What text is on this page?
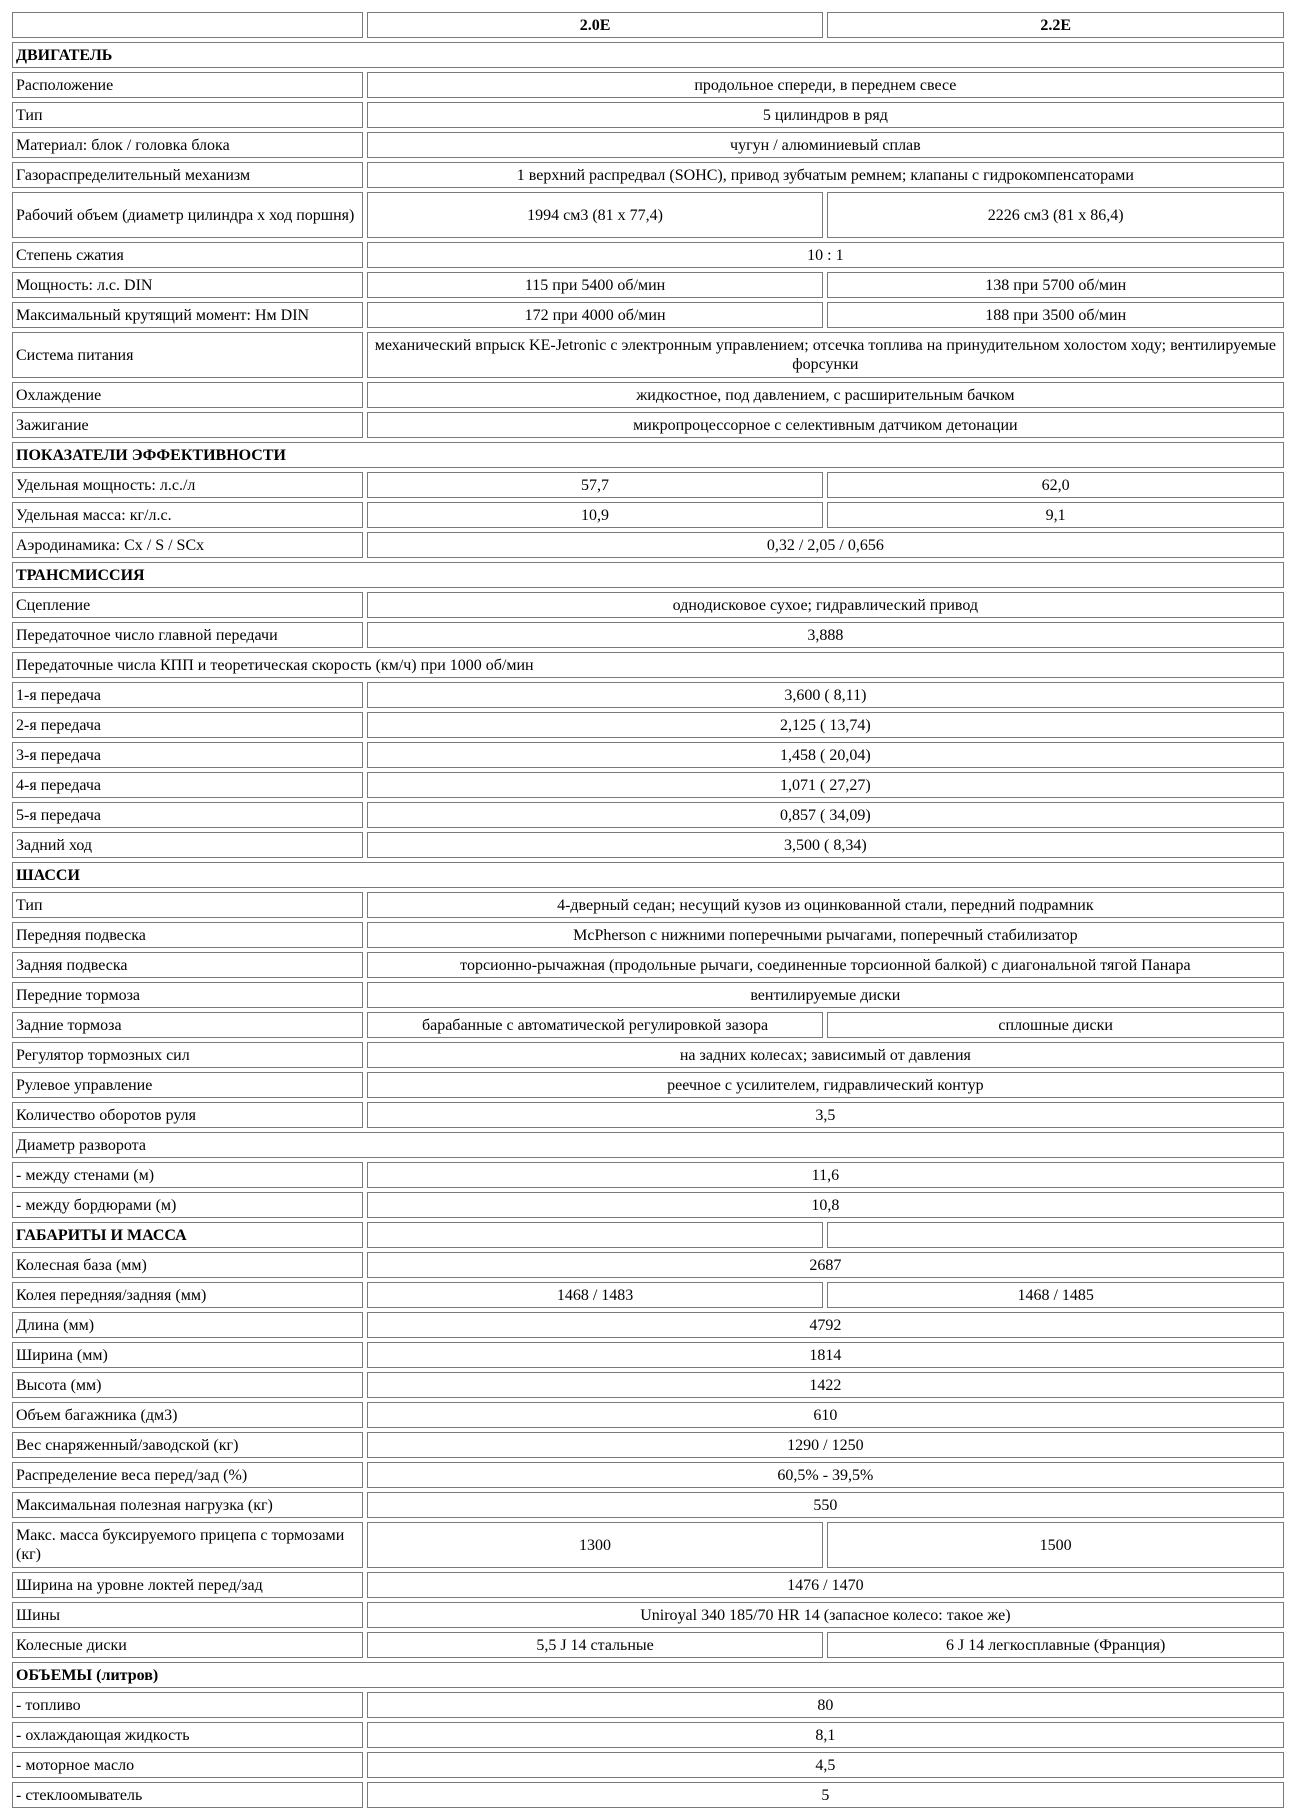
	2.0E	2.2E
ДВИГАТЕЛЬ		
Расположение	продольное спереди, в переднем свесе	
Тип	5 цилиндров в ряд	
Материал: блок / головка блока	чугун / алюминиевый сплав	
Газораспределительный механизм	1 верхний распредвал (SOHC), привод зубчатым ремнем; клапаны с гидрокомпенсаторами	
Рабочий объем (диаметр цилиндра х ход поршня)	1994 см3 (81 х 77,4)	2226 см3 (81 х 86,4)
Степень сжатия	10 : 1	
Мощность: л.с. DIN	115 при 5400 об/мин	138 при 5700 об/мин
Максимальный крутящий момент: Нм DIN	172 при 4000 об/мин	188 при 3500 об/мин
Система питания	механический впрыск KE-Jetronic с электронным управлением; отсечка топлива на принудительном холостом ходу; вентилируемые форсунки	
Охлаждение	жидкостное, под давлением, с расширительным бачком	
Зажигание	микропроцессорное с селективным датчиком детонации	
ПОКАЗАТЕЛИ ЭФФЕКТИВНОСТИ		
Удельная мощность: л.с./л	57,7	62,0
Удельная масса: кг/л.с.	10,9	9,1
Аэродинамика: Сх / S / SCx	0,32 / 2,05 / 0,656	
ТРАНСМИССИЯ		
Сцепление	однодисковое сухое; гидравлический привод	
Передаточное число главной передачи	3,888	
Передаточные числа КПП и теоретическая скорость (км/ч) при 1000 об/мин		
1-я передача	3,600 ( 8,11)	
2-я передача	2,125 ( 13,74)	
3-я передача	1,458 ( 20,04)	
4-я передача	1,071 ( 27,27)	
5-я передача	0,857 ( 34,09)	
Задний ход	3,500 ( 8,34)	
ШАССИ		
Тип	4-дверный седан; несущий кузов из оцинкованной стали, передний подрамник	
Передняя подвеска	McPherson с нижними поперечными рычагами, поперечный стабилизатор	
Задняя подвеска	торсионно-рычажная (продольные рычаги, соединенные торсионной балкой) с диагональной тягой Панара	
Передние тормоза	вентилируемые диски	
Задние тормоза	барабанные с автоматической регулировкой зазора	сплошные диски
Регулятор тормозных сил	на задних колесах; зависимый от давления	
Рулевое управление	реечное с усилителем, гидравлический контур	
Количество оборотов руля	3,5	
Диаметр разворота		
- между стенами (м)	11,6	
- между бордюрами (м)	10,8	
ГАБАРИТЫ И МАССА		
Колесная база (мм)	2687	
Колея передняя/задняя (мм)	1468 / 1483	1468 / 1485
Длина (мм)	4792	
Ширина (мм)	1814	
Высота (мм)	1422	
Объем багажника (дм3)	610	
Вес снаряженный/заводской (кг)	1290 / 1250	
Распределение веса перед/зад (%)	60,5% - 39,5%	
Максимальная полезная нагрузка (кг)	550	
Макс. масса буксируемого прицепа с тормозами (кг)	1300	1500
Ширина на уровне локтей перед/зад	1476 / 1470	
Шины	Uniroyal 340 185/70 HR 14 (запасное колесо: такое же)	
Колесные диски	5,5 J 14 стальные	6 J 14 легкосплавные (Франция)
ОБЪЕМЫ (литров)		
- топливо	80	
- охлаждающая жидкость	8,1	
- моторное масло	4,5	
- стеклоомыватель	5	
